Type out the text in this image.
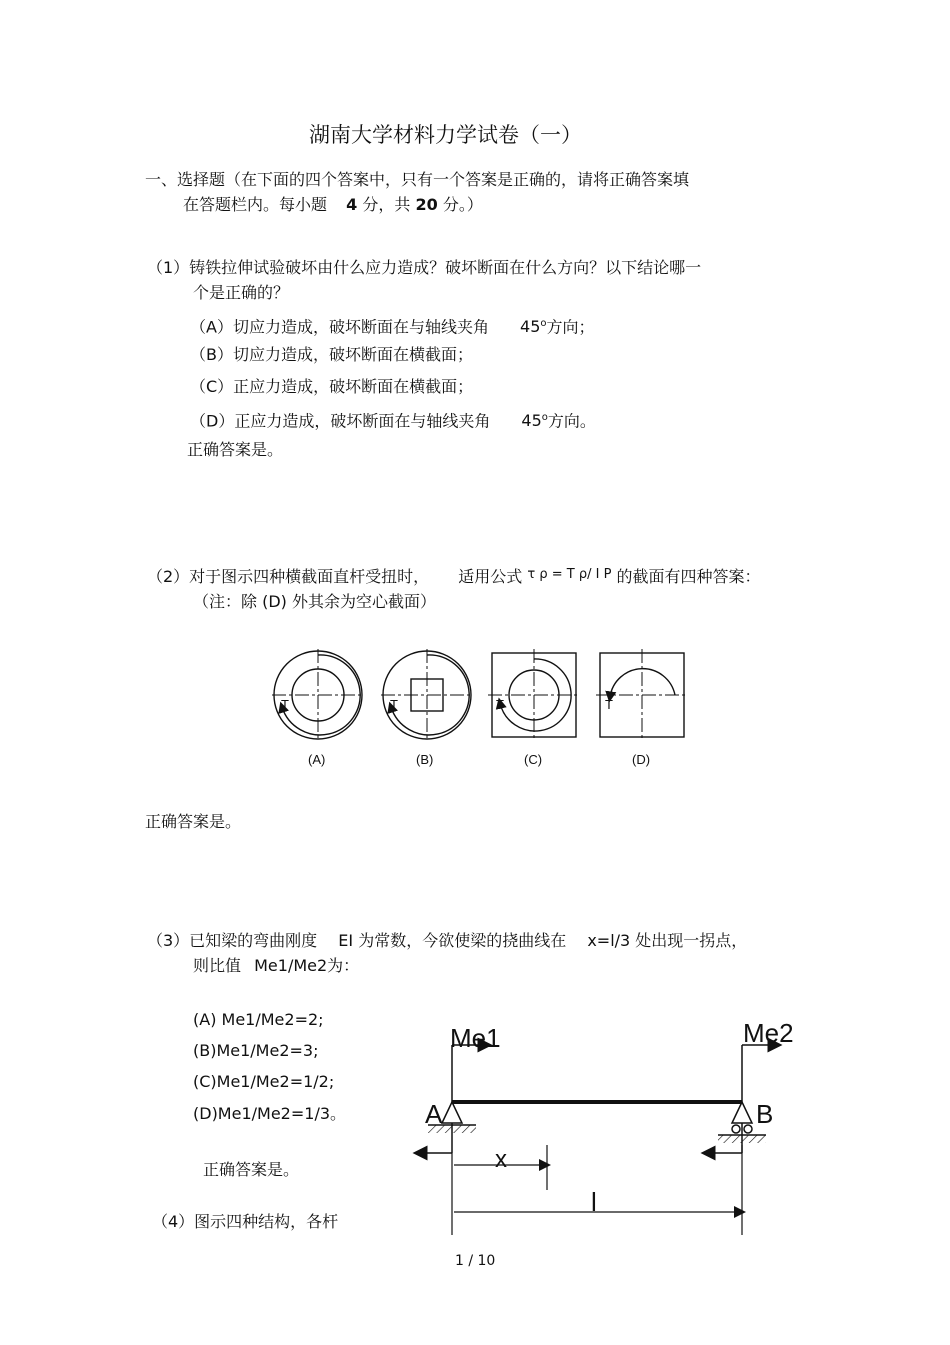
湖南大学材料力学试卷（一）
一、选择题（在下面的四个答案中，只有一个答案是正确的，请将正确答案填
在答题栏内。每小题 4 分，共 20 分。）
（1）铸铁拉伸试验破坏由什么应力造成？破坏断面在什么方向？以下结论哪一
个是正确的？
（A）切应力造成，破坏断面在与轴线夹角 45$^o$方向；
（B）切应力造成，破坏断面在横截面；
（C）正应力造成，破坏断面在横截面；
（D）正应力造成，破坏断面在与轴线夹角 45$^o$方向。
正确答案是。
（2）对于图示四种横截面直杆受扭时， 适用公式 $^{\tau \rho = T \rho/ I P}$ 的截面有四种答案：
（注：除 (D) 外其余为空心截面）
T	T	T	T
(A)	(B)	(C)	(D)
正确答案是。
（3）已知梁的弯曲刚度 EI 为常数，今欲使梁的挠曲线在 x=l/3 处出现一拐点，
则比值 Me1/Me2为：
(A) Me1/Me2=2;
(B)Me1/Me2=3;
(C)Me1/Me2=1/2;
(D)Me1/Me2=1/3。
正确答案是。
Me1	Me2
A	B
x
l
（4）图示四种结构，各杆
1 / 10
